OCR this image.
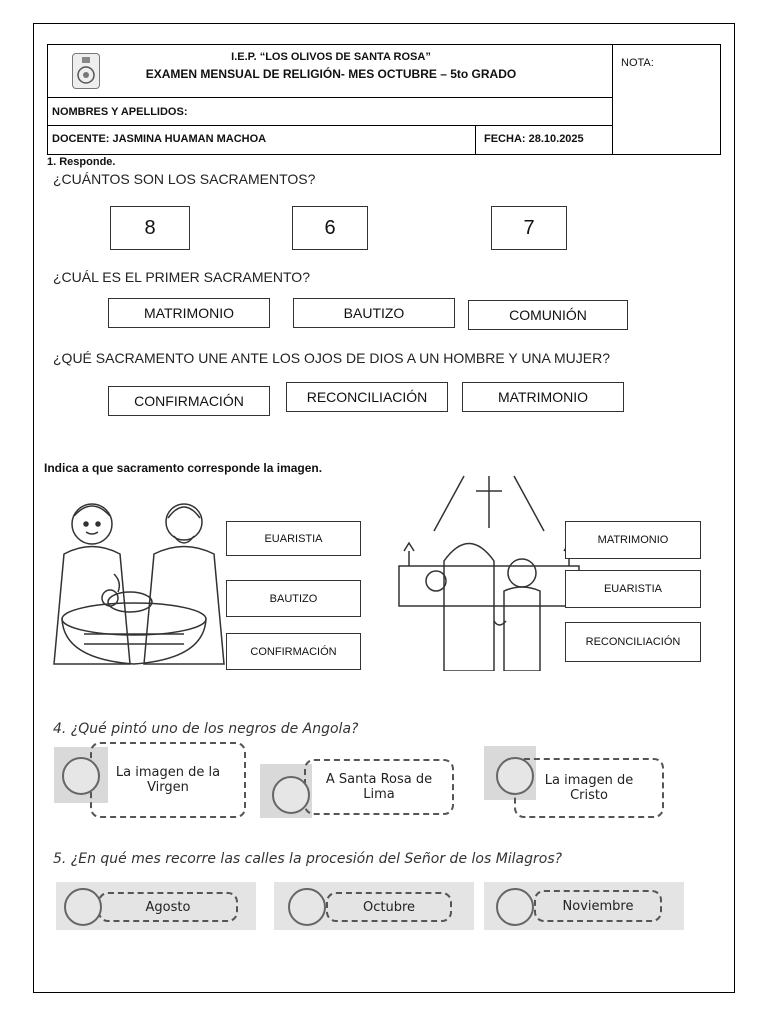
I.E.P. “LOS OLIVOS DE SANTA ROSA”
EXAMEN MENSUAL DE RELIGIÓN- MES OCTUBRE – 5to GRADO
NOTA:
NOMBRES Y APELLIDOS:
DOCENTE: JASMINA HUAMAN MACHOA	FECHA: 28.10.2025
1. Responde.
¿CUÁNTOS SON LOS SACRAMENTOS?
8	6	7
¿CUÁL ES EL PRIMER SACRAMENTO?
MATRIMONIO	BAUTIZO	COMUNIÓN
¿QUÉ SACRAMENTO UNE ANTE LOS OJOS DE DIOS A UN HOMBRE Y UNA MUJER?
CONFIRMACIÓN	RECONCILIACIÓN	MATRIMONIO
Indica a que sacramento corresponde la imagen.
EUARISTIA
BAUTIZO
CONFIRMACIÓN
MATRIMONIO
EUARISTIA
RECONCILIACIÓN
4. ¿Qué pintó uno de los negros de Angola?
La imagen de la
Virgen
A Santa Rosa de
Lima
La imagen de
Cristo
5. ¿En qué mes recorre las calles la procesión del Señor de los Milagros?
Agosto	Octubre	Noviembre
